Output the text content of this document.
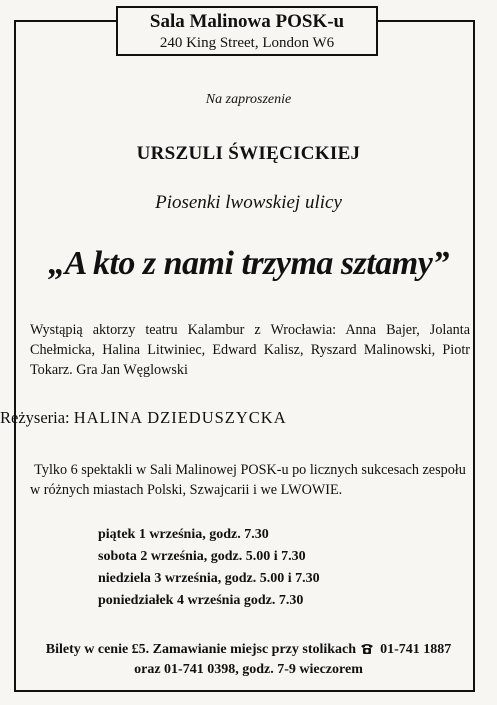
Sala Malinowa POSK-u
240 King Street, London W6
Na zaproszenie
URSZULI ŚWIĘCICKIEJ
Piosenki lwowskiej ulicy
„A kto z nami trzyma sztamy”
Wystąpią aktorzy teatru Kalambur z Wrocławia: Anna Bajer, Jolanta Chełmicka, Halina Litwiniec, Edward Kalisz, Ryszard Malinowski, Piotr Tokarz. Gra Jan Węglowski
Reżyseria: HALINA DZIEDUSZYCKA
Tylko 6 spektakli w Sali Malinowej POSK-u po licznych sukcesach zespołu w różnych miastach Polski, Szwajcarii i we LWOWIE.
piątek 1 września, godz. 7.30
sobota 2 września, godz. 5.00 i 7.30
niedziela 3 września, godz. 5.00 i 7.30
poniedziałek 4 września godz. 7.30
Bilety w cenie £5. Zamawianie miejsc przy stolikach 01-741 1887
oraz 01-741 0398, godz. 7-9 wieczorem
